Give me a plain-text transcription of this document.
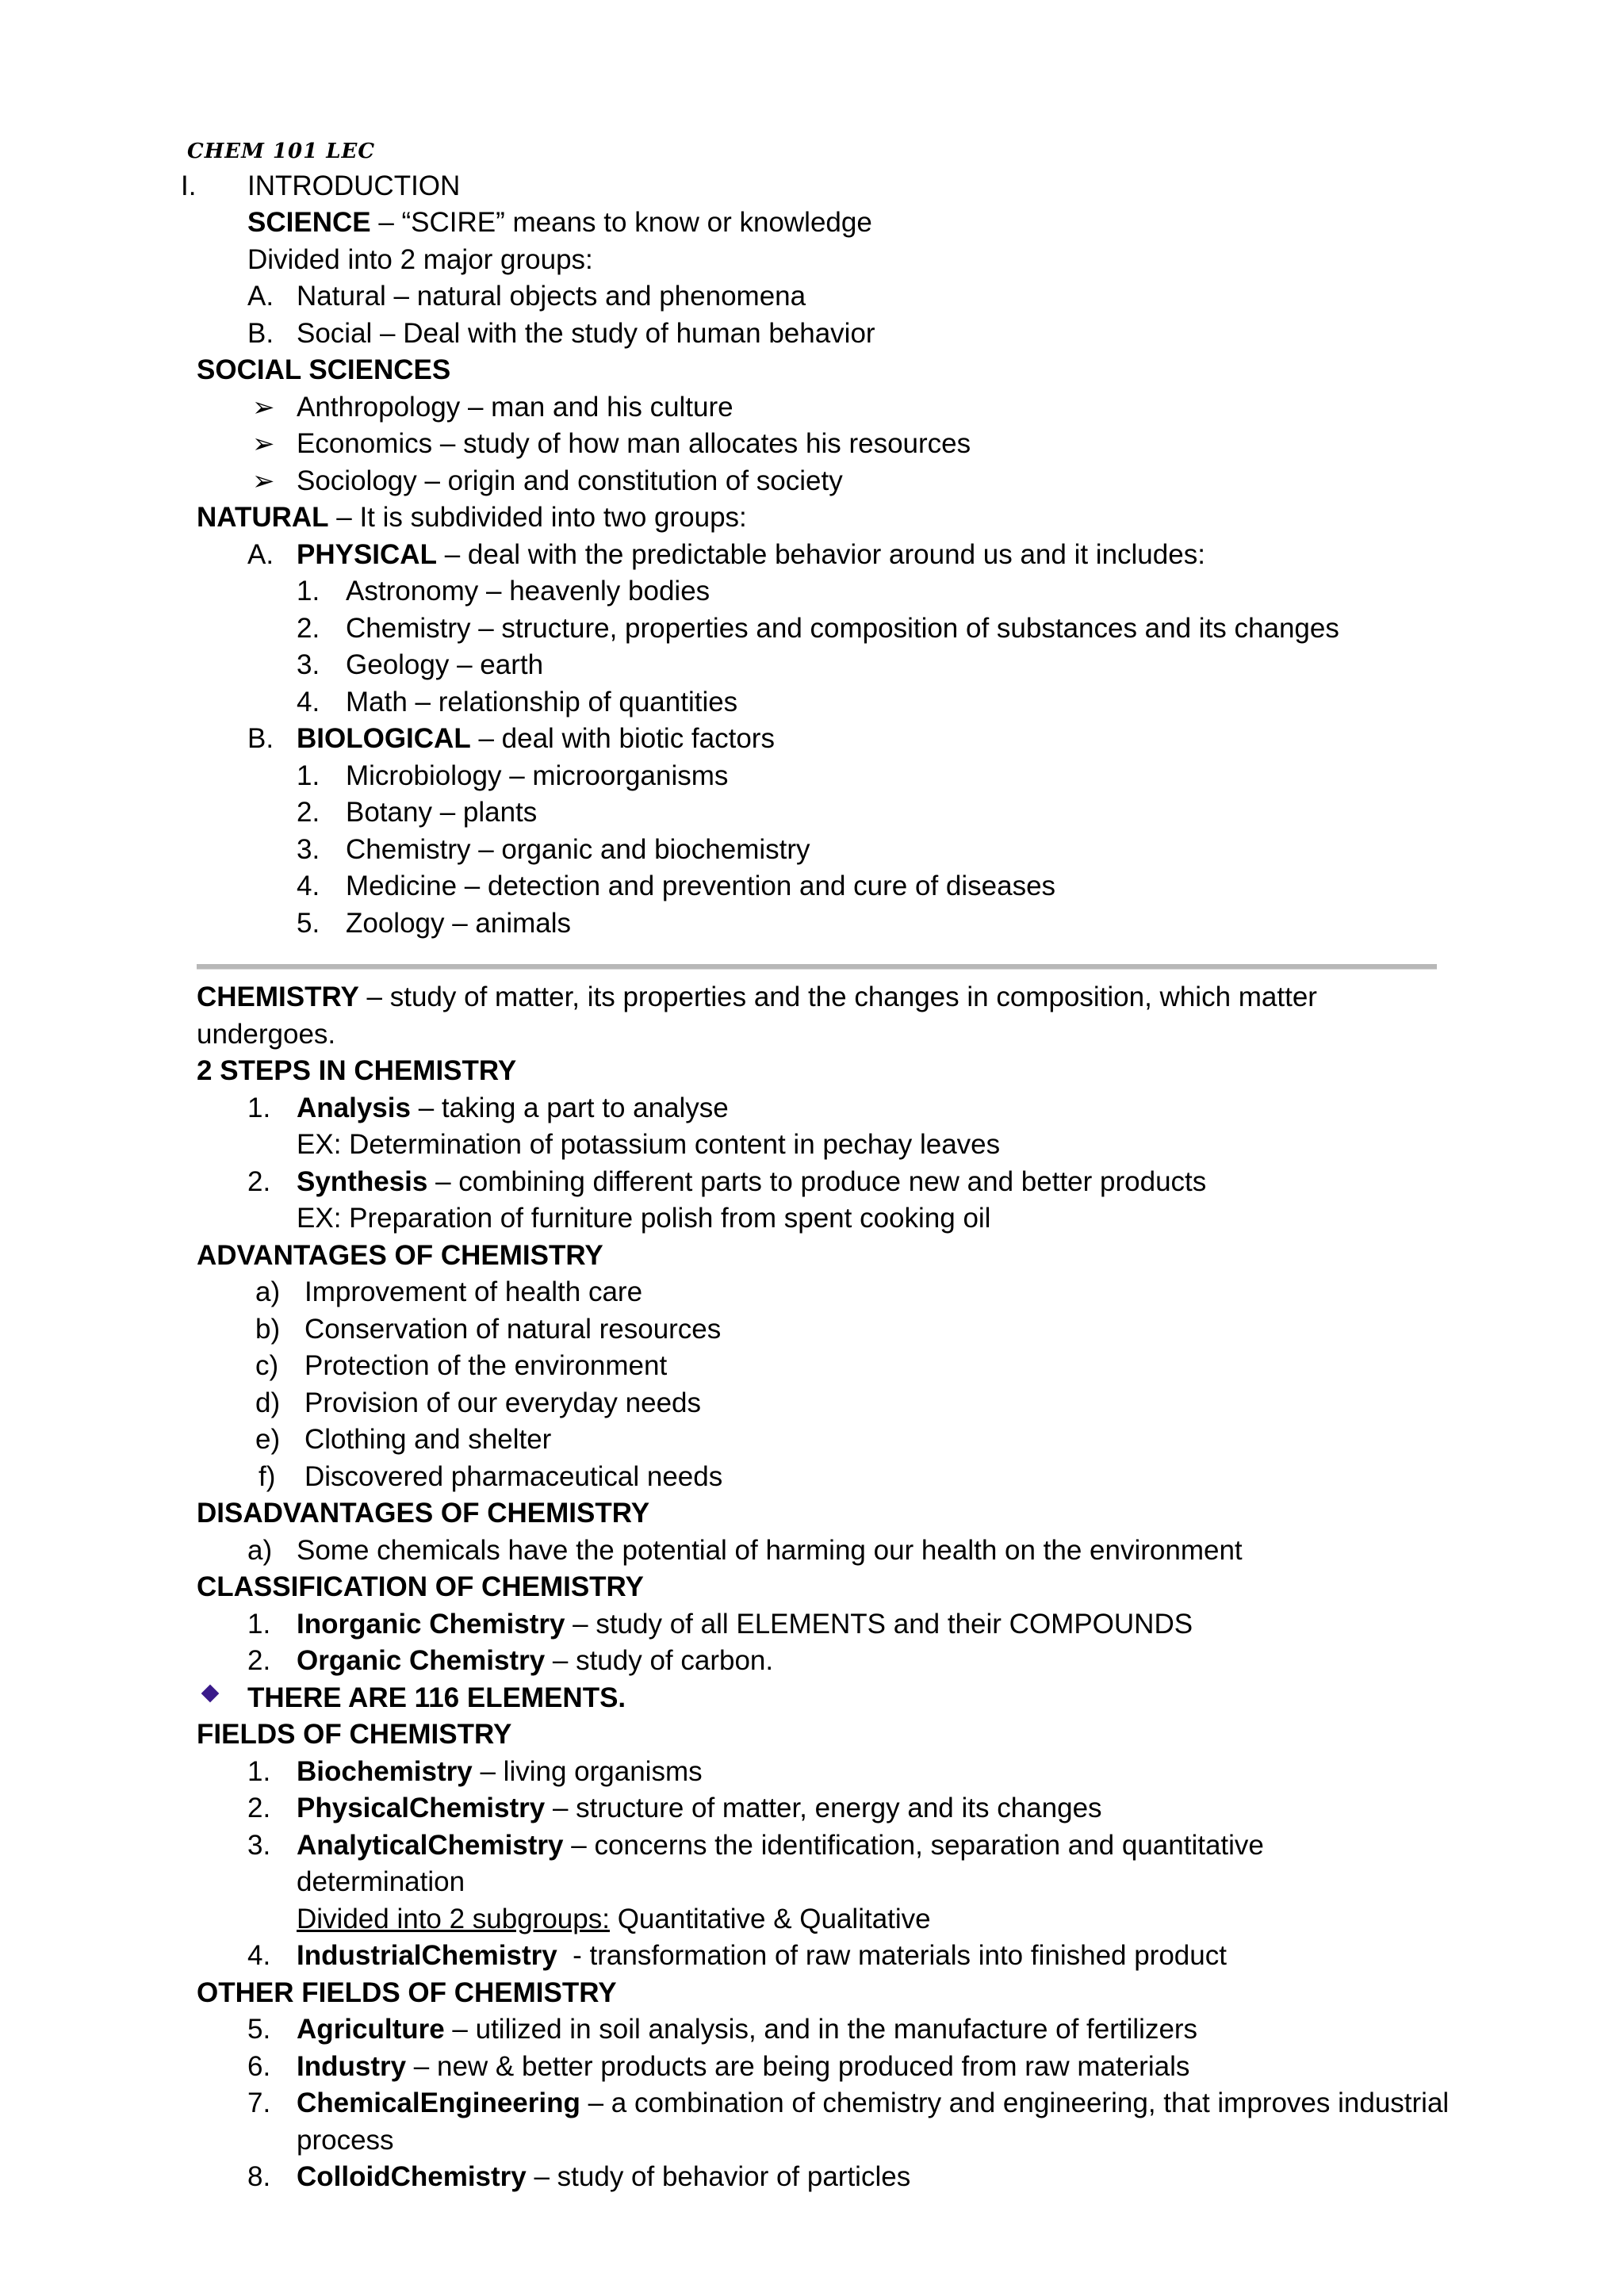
CHEM 101 LEC
I. INTRODUCTION
SCIENCE – “SCIRE” means to know or knowledge
Divided into 2 major groups:
A. Natural – natural objects and phenomena
B. Social – Deal with the study of human behavior
SOCIAL SCIENCES
➢ Anthropology – man and his culture
➢ Economics – study of how man allocates his resources
➢ Sociology – origin and constitution of society
NATURAL – It is subdivided into two groups:
A. PHYSICAL – deal with the predictable behavior around us and it includes:
1. Astronomy – heavenly bodies
2. Chemistry – structure, properties and composition of substances and its changes
3. Geology – earth
4. Math – relationship of quantities
B. BIOLOGICAL – deal with biotic factors
1. Microbiology – microorganisms
2. Botany – plants
3. Chemistry – organic and biochemistry
4. Medicine – detection and prevention and cure of diseases
5. Zoology – animals
CHEMISTRY – study of matter, its properties and the changes in composition, which matter
undergoes.
2 STEPS IN CHEMISTRY
1. Analysis – taking a part to analyse
EX: Determination of potassium content in pechay leaves
2. Synthesis – combining different parts to produce new and better products
EX: Preparation of furniture polish from spent cooking oil
ADVANTAGES OF CHEMISTRY
a) Improvement of health care
b) Conservation of natural resources
c) Protection of the environment
d) Provision of our everyday needs
e) Clothing and shelter
f) Discovered pharmaceutical needs
DISADVANTAGES OF CHEMISTRY
a) Some chemicals have the potential of harming our health on the environment
CLASSIFICATION OF CHEMISTRY
1. Inorganic Chemistry – study of all ELEMENTS and their COMPOUNDS
2. Organic Chemistry – study of carbon.
THERE ARE 116 ELEMENTS.
FIELDS OF CHEMISTRY
1. Biochemistry – living organisms
2. PhysicalChemistry – structure of matter, energy and its changes
3. AnalyticalChemistry – concerns the identification, separation and quantitative
determination
Divided into 2 subgroups: Quantitative & Qualitative
4. IndustrialChemistry  - transformation of raw materials into finished product
OTHER FIELDS OF CHEMISTRY
5. Agriculture – utilized in soil analysis, and in the manufacture of fertilizers
6. Industry – new & better products are being produced from raw materials
7. ChemicalEngineering – a combination of chemistry and engineering, that improves industrial
process
8. ColloidChemistry – study of behavior of particles
